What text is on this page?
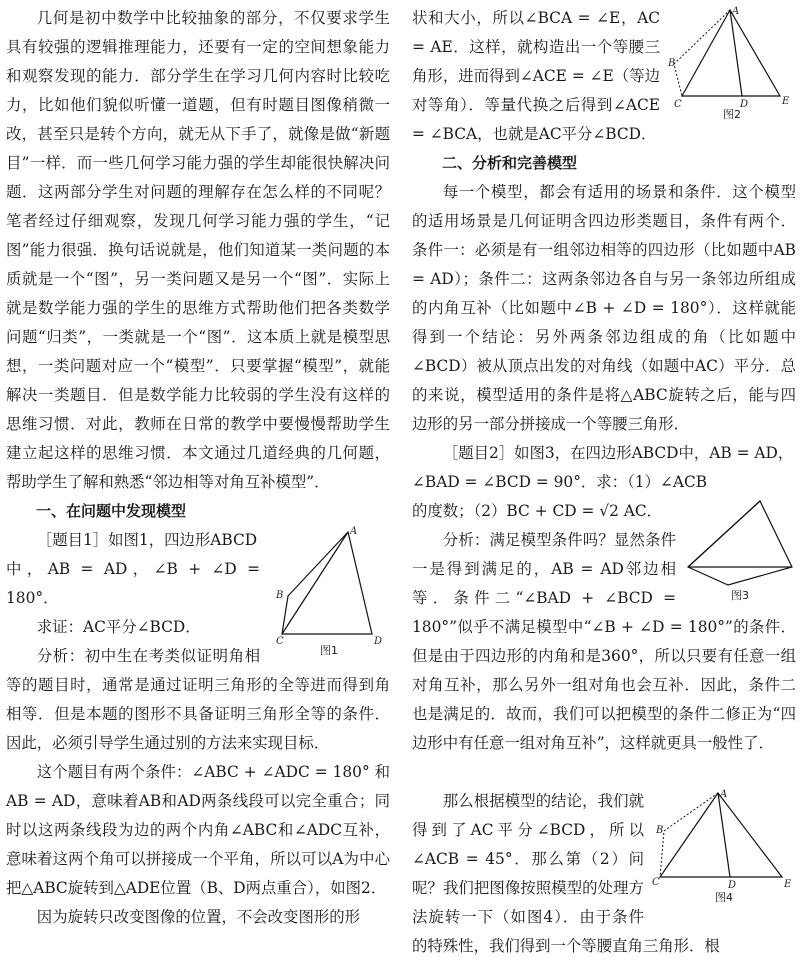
几何是初中数学中比较抽象的部分，不仅要求学生具有较强的逻辑推理能力，还要有一定的空间想象能力和观察发现的能力．部分学生在学习几何内容时比较吃力，比如他们貌似听懂一道题，但有时题目图像稍微一改，甚至只是转个方向，就无从下手了，就像是做“新题目”一样．而一些几何学习能力强的学生却能很快解决问题．这两部分学生对问题的理解存在怎么样的不同呢？笔者经过仔细观察，发现几何学习能力强的学生，“记图”能力很强．换句话说就是，他们知道某一类问题的本质就是一个“图”，另一类问题又是另一个“图”．实际上就是数学能力强的学生的思维方式帮助他们把各类数学问题“归类”，一类就是一个“图”．这本质上就是模型思想，一类问题对应一个“模型”．只要掌握“模型”，就能解决一类题目．但是数学能力比较弱的学生没有这样的思维习惯．对此，教师在日常的教学中要慢慢帮助学生建立起这样的思维习惯．本文通过几道经典的几何题，帮助学生了解和熟悉“邻边相等对角互补模型”．

一、在问题中发现模型

A
B
C	D
图1

［题目1］如图1，四边形ABCD

中，AB = AD，∠B + ∠D = 180°．

求证：AC平分∠BCD．

分析：初中生在考类似证明角相等的题目时，通常是通过证明三角形的全等进而得到角相等．但是本题的图形不具备证明三角形全等的条件．因此，必须引导学生通过别的方法来实现目标．

这个题目有两个条件：∠ABC + ∠ADC = 180° 和 AB = AD，意味着AB和AD两条线段可以完全重合；同时以这两条线段为边的两个内角∠ABC和∠ADC互补，意味着这两个角可以拼接成一个平角，所以可以A为中心把△ABC旋转到△ADE位置（B、D两点重合），如图2．

因为旋转只改变图像的位置，不会改变图形的形

A
B
C	D	E
图2

状和大小，所以∠BCA = ∠E，AC = AE．这样，就构造出一个等腰三角形，进而得到∠ACE = ∠E（等边对等角）．等量代换之后得到∠ACE = ∠BCA，也就是AC平分∠BCD．

二、分析和完善模型

每一个模型，都会有适用的场景和条件．这个模型的适用场景是几何证明含四边形类题目，条件有两个．条件一：必须是有一组邻边相等的四边形（比如题中AB = AD）；条件二：这两条邻边各自与另一条邻边所组成的内角互补（比如题中∠B + ∠D = 180°）．这样就能得到一个结论：另外两条邻边组成的角（比如题中∠BCD）被从顶点出发的对角线（如题中AC）平分．总的来说，模型适用的条件是将△ABC旋转之后，能与四边形的另一部分拼接成一个等腰三角形．

［题目2］如图3，在四边形ABCD中，AB = AD，

∠BAD = ∠BCD = 90°．求：（1）∠ACB

图3

的度数；（2）BC + CD = √2 AC．

分析：满足模型条件吗？显然条件一是得到满足的，AB = AD邻边相等．条件二“∠BAD + ∠BCD = 180°”似乎不满足模型中“∠B + ∠D = 180°”的条件．但是由于四边形的内角和是360°，所以只要有任意一组对角互补，那么另外一组对角也会互补．因此，条件二也是满足的．故而，我们可以把模型的条件二修正为“四边形中有任意一组对角互补”，这样就更具一般性了．

A
B
C	D	E
图4

那么根据模型的结论，我们就得到了AC平分∠BCD，所以∠ACB = 45°．那么第（2）问呢？我们把图像按照模型的处理方法旋转一下（如图4）．由于条件的特殊性，我们得到一个等腰直角三角形．根
